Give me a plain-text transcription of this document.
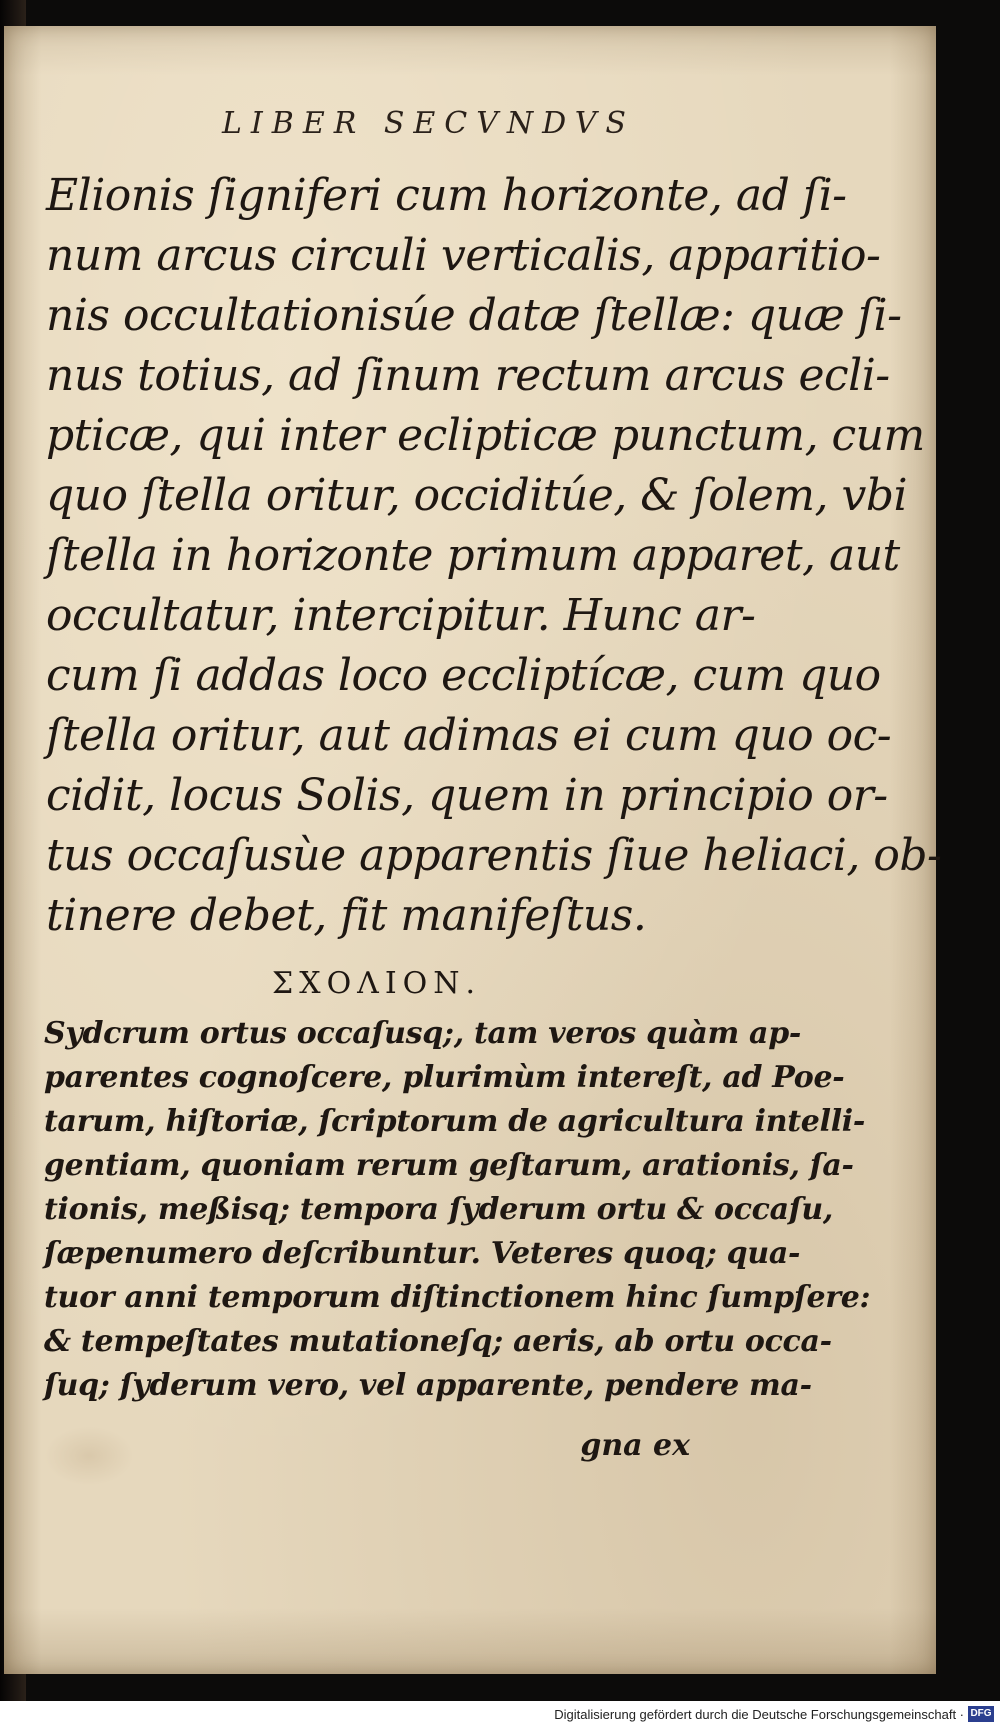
LIBER SECVNDVS

Elionis ſigniferi cum horizonte, ad ſi-

num arcus circuli verticalis, apparitio-

nis occultationisúe datæ ſtellæ: quæ ſi-

nus totius, ad ſinum rectum arcus ecli-

pticæ, qui inter eclipticæ punctum, cum

quo ſtella oritur, occiditúe, & ſolem, vbi

ſtella in horizonte primum apparet, aut

occultatur, intercipitur. Hunc ar-

cum ſi addas loco eccliptícæ, cum quo

ſtella oritur, aut adimas ei cum quo oc-

cidit, locus Solis, quem in principio or-

tus occaſusùe apparentis ſiue heliaci, ob-

tinere debet, fit manifeſtus.

ΣΧΟΛΙΟΝ.

Sydcrum ortus occaſusq;, tam veros quàm ap-

parentes cognoſcere, plurimùm intereſt, ad Poe-

tarum, hiſtoriæ, ſcriptorum de agricultura intelli-

gentiam, quoniam rerum geſtarum, arationis, ſa-

tionis, meßisq; tempora ſyderum ortu & occaſu,

ſæpenumero deſcribuntur. Veteres quoq; qua-

tuor anni temporum diſtinctionem hinc ſumpſere:

& tempeſtates mutationeſq; aeris, ab ortu occa-

ſuq; ſyderum vero, vel apparente, pendere ma-

gna ex

Digitalisierung gefördert durch die Deutsche Forschungsgemeinschaft · DFG
